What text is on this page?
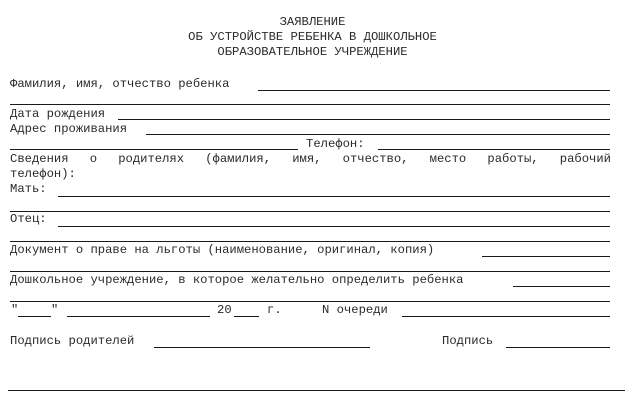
ЗАЯВЛЕНИЕ
ОБ УСТРОЙСТВЕ РЕБЕНКА В ДОШКОЛЬНОЕ
ОБРАЗОВАТЕЛЬНОЕ УЧРЕЖДЕНИЕ
Фамилия, имя, отчество ребенка
Дата рождения
Адрес проживания
Телефон:
Сведения о родителях (фамилия, имя, отчество, место работы, рабочий
телефон):
Мать:
Отец:
Документ о праве на льготы (наименование, оригинал, копия)
Дошкольное учреждение, в которое желательно определить ребенка
"	"	20	г.	N очереди
Подпись родителей	Подпись
